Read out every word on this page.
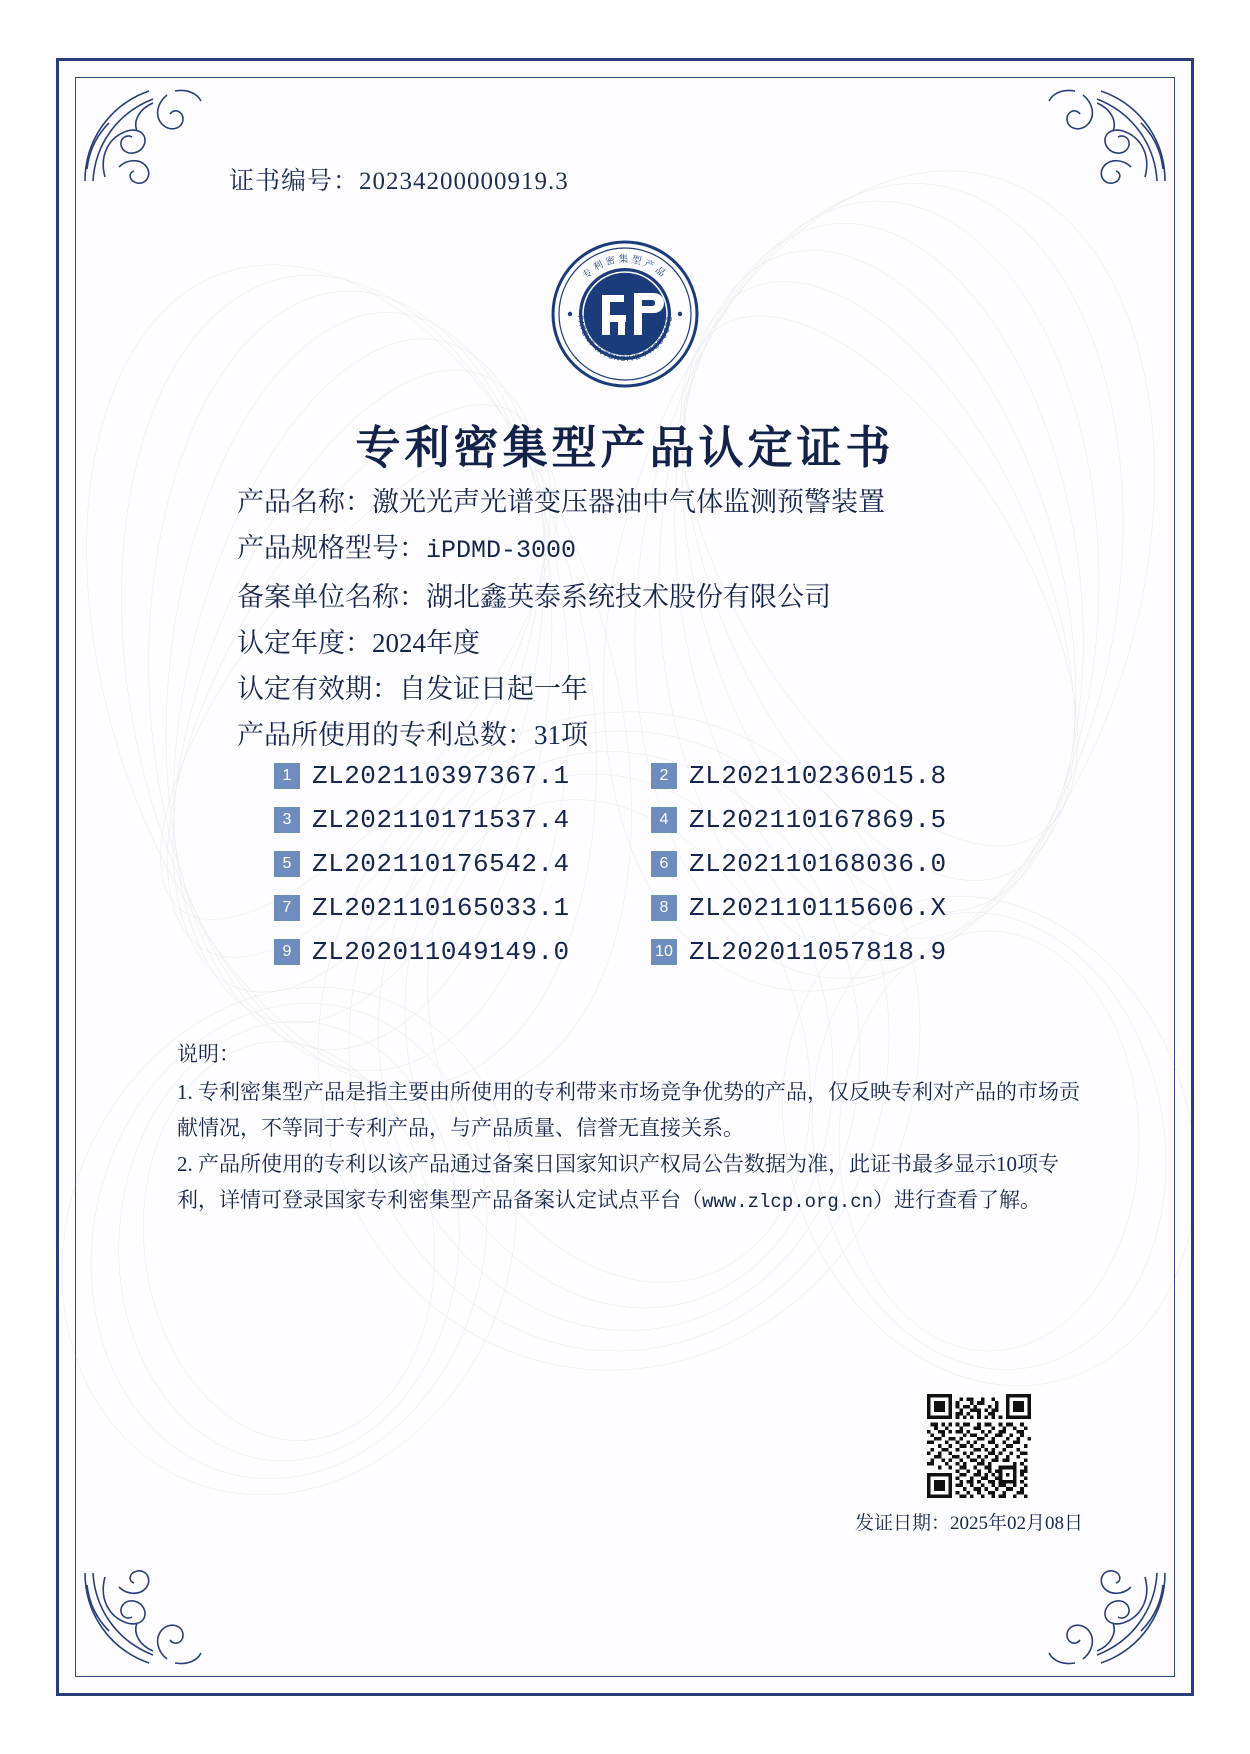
证书编号：20234200000919.3
专利密集型产品
PATENT INTENSIVE PRODUCTS
专利密集型产品认定证书
产品名称：激光光声光谱变压器油中气体监测预警装置
产品规格型号：iPDMD-3000
备案单位名称：湖北鑫英泰系统技术股份有限公司
认定年度：2024年度
认定有效期：自发证日起一年
产品所使用的专利总数：31项
1 ZL202110397367.1	2 ZL202110236015.8
3 ZL202110171537.4	4 ZL202110167869.5
5 ZL202110176542.4	6 ZL202110168036.0
7 ZL202110165033.1	8 ZL202110115606.X
9 ZL202011049149.0	10 ZL202011057818.9
说明：

1. 专利密集型产品是指主要由所使用的专利带来市场竞争优势的产品，仅反映专利对产品的市场贡献情况，不等同于专利产品，与产品质量、信誉无直接关系。

2. 产品所使用的专利以该产品通过备案日国家知识产权局公告数据为准，此证书最多显示10项专利，详情可登录国家专利密集型产品备案认定试点平台（www.zlcp.org.cn）进行查看了解。

发证日期：2025年02月08日
